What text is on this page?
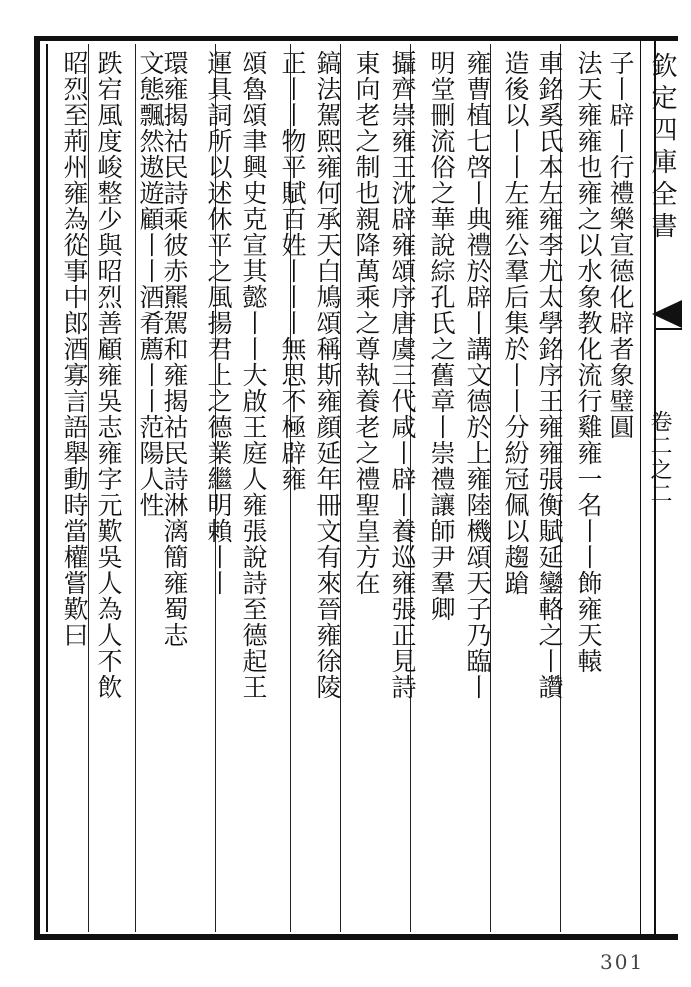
子丨辟丨行禮樂宣德化辟者象璧圓
法天雍雍也雍之以水象教化流行雞雍一名丨丨飾雍天轅
車銘奚氏本左雍李尤太學銘序王雍雍張衡賦延鑾輅之丨讚
造後以丨丨左雍公羣后集於丨丨分紛冠佩以趨蹌
雍曹植七啓丨典禮於辟丨講文德於上雍陸機頌天子乃臨丨
明堂刪流俗之華說綜孔氏之舊章丨崇禮讓師尹羣卿
攝齊崇雍王沈辟雍頌序唐虞三代咸丨辟丨養巡雍張正見詩
東向老之制也親降萬乘之尊執養老之禮聖皇方在
鎬法駕熙雍何承天白鳩頌稱斯雍顔延年冊文有來晉雍徐陵
正丨丨物平賦百姓丨丨丨無思不極辟雍
頌魯頌聿興史克宣其懿丨丨大啟王庭人雍張說詩至德起王
運具詞所以述休平之風揚君上之德業繼明賴丨丨
環雍揭祜民詩乘彼赤羆駕和雍揭祜民詩淋漓簡雍蜀志
文態飄然遨遊顧丨丨酒肴薦丨丨范陽人性
跌宕風度峻整少與昭烈善顧雍吳志雍字元歎吳人為人不飲
昭烈至荊州雍為從事中郎酒寡言語舉動時當權嘗歎曰	欽定四庫全書
卷二之二
301
